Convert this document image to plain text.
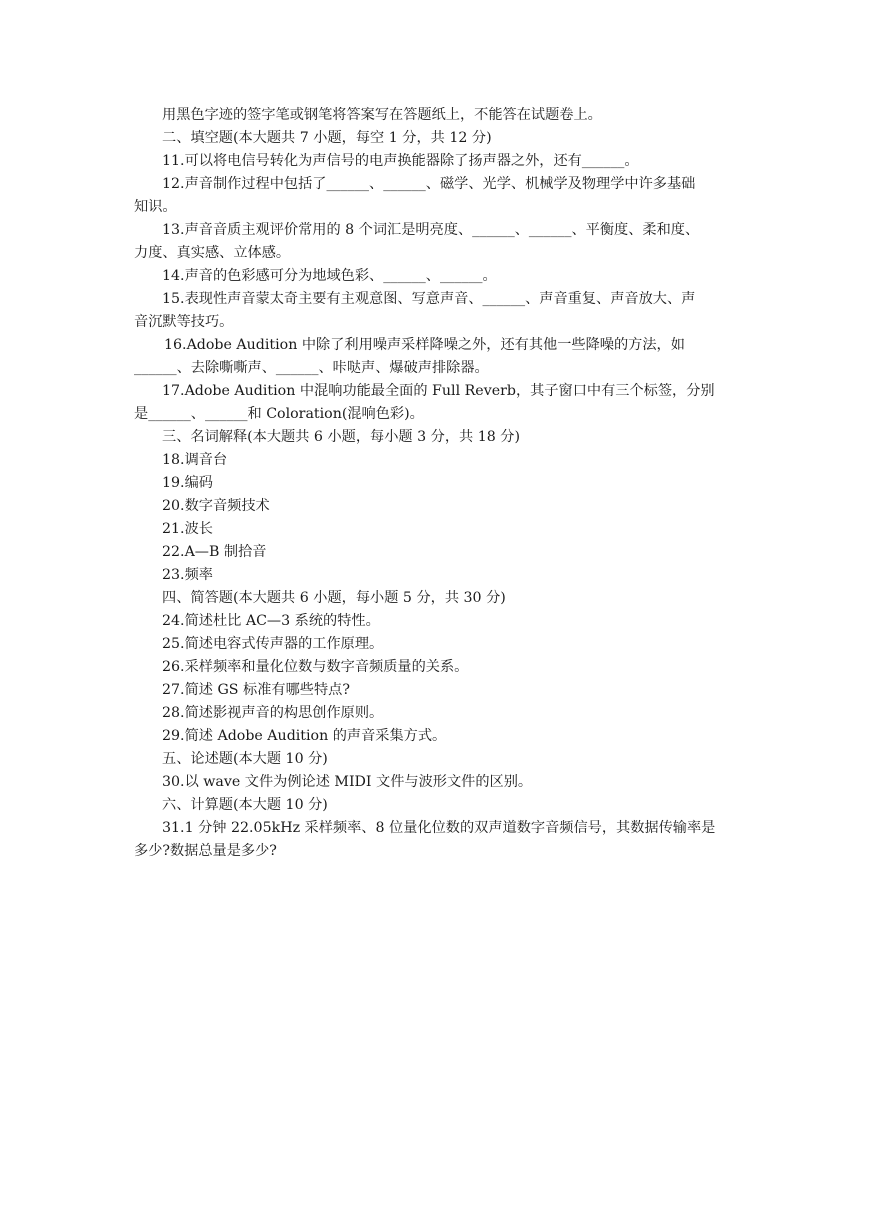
用黑色字迹的签字笔或钢笔将答案写在答题纸上，不能答在试题卷上。
二、填空题(本大题共 7 小题，每空 1 分，共 12 分)
11.可以将电信号转化为声信号的电声换能器除了扬声器之外，还有______。
12.声音制作过程中包括了______、______、磁学、光学、机械学及物理学中许多基础
知识。
13.声音音质主观评价常用的 8 个词汇是明亮度、______、______、平衡度、柔和度、
力度、真实感、立体感。
14.声音的色彩感可分为地域色彩、______、______。
15.表现性声音蒙太奇主要有主观意图、写意声音、______、声音重复、声音放大、声
音沉默等技巧。
16.Adobe Audition 中除了利用噪声采样降噪之外，还有其他一些降噪的方法，如
______、去除嘶嘶声、______、咔哒声、爆破声排除器。
17.Adobe Audition 中混响功能最全面的 Full Reverb，其子窗口中有三个标签，分别
是______、______和 Coloration(混响色彩)。
三、名词解释(本大题共 6 小题，每小题 3 分，共 18 分)
18.调音台
19.编码
20.数字音频技术
21.波长
22.A—B 制拾音
23.频率
四、简答题(本大题共 6 小题，每小题 5 分，共 30 分)
24.简述杜比 AC—3 系统的特性。
25.简述电容式传声器的工作原理。
26.采样频率和量化位数与数字音频质量的关系。
27.简述 GS 标准有哪些特点?
28.简述影视声音的构思创作原则。
29.简述 Adobe Audition 的声音采集方式。
五、论述题(本大题 10 分)
30.以 wave 文件为例论述 MIDI 文件与波形文件的区别。
六、计算题(本大题 10 分)
31.1 分钟 22.05kHz 采样频率、8 位量化位数的双声道数字音频信号，其数据传输率是
多少?数据总量是多少?
